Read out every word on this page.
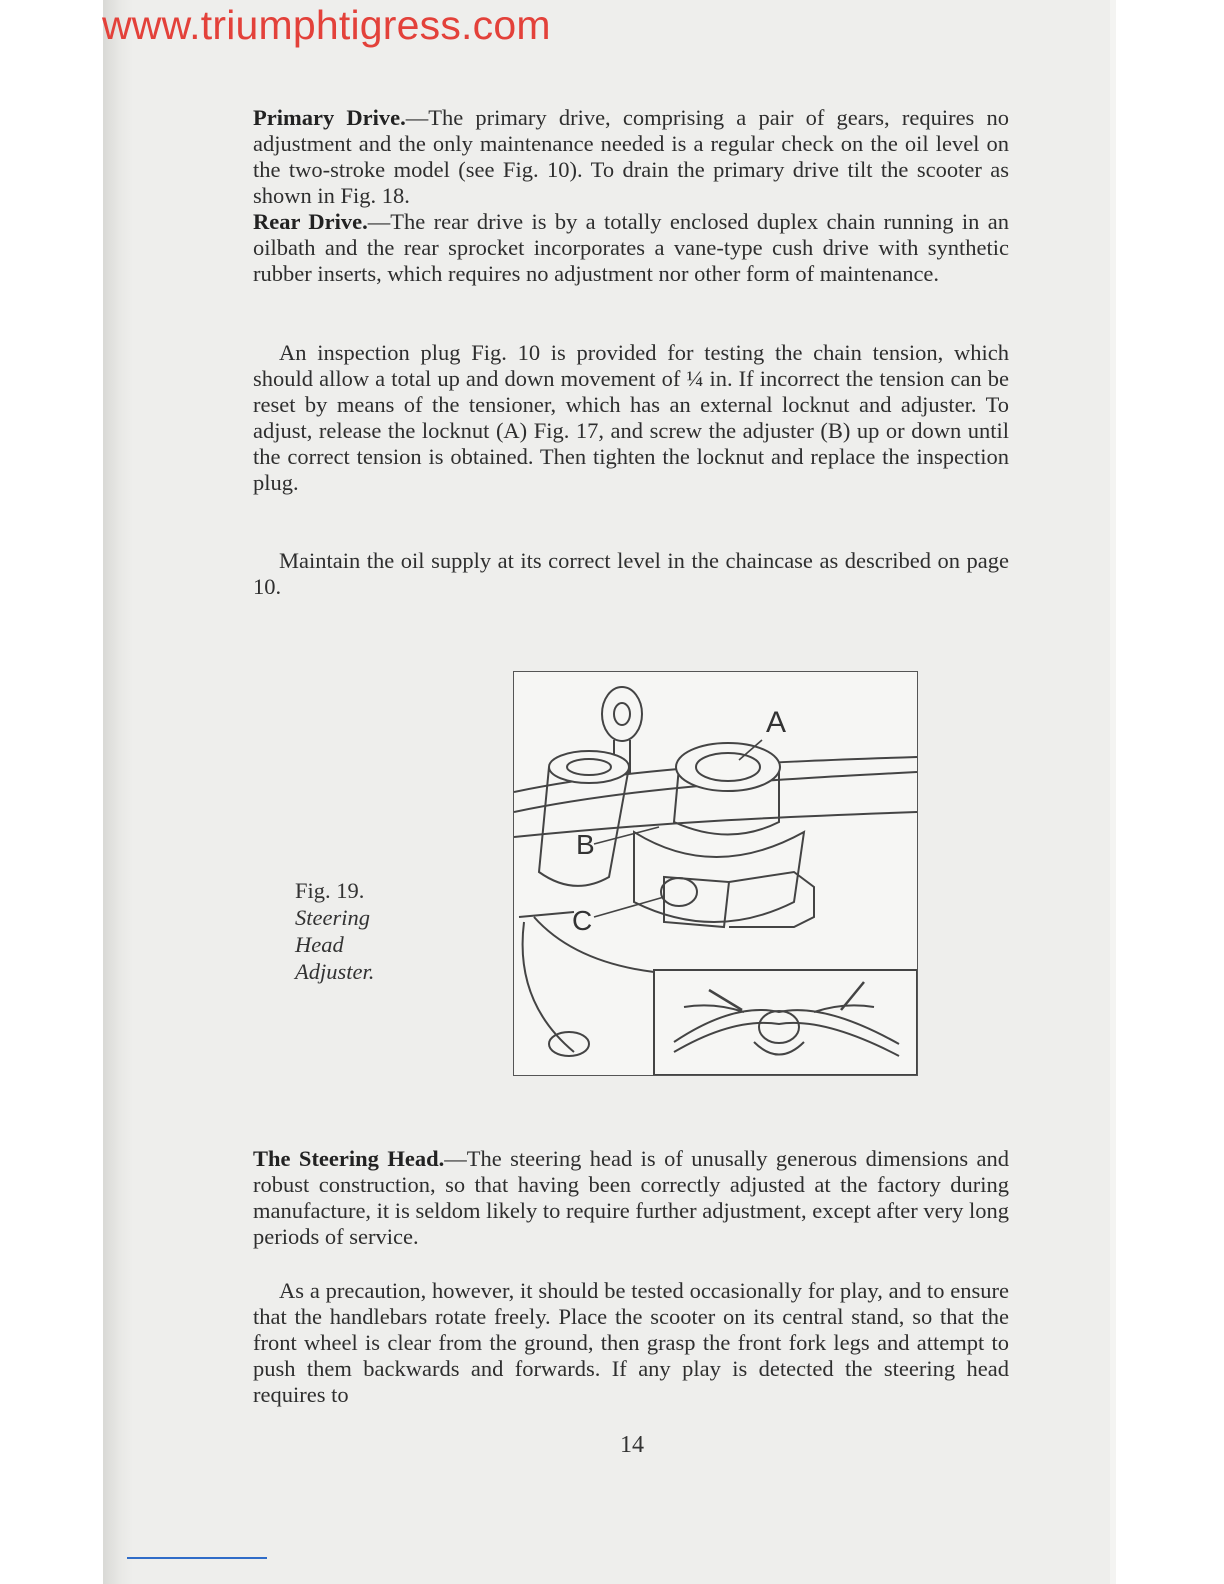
www.triumphtigress.com

Primary Drive.—The primary drive, comprising a pair of gears, requires no adjustment and the only maintenance needed is a regular check on the oil level on the two-stroke model (see Fig. 10). To drain the primary drive tilt the scooter as shown in Fig. 18.

Rear Drive.—The rear drive is by a totally enclosed duplex chain running in an oilbath and the rear sprocket incorporates a vane-type cush drive with synthetic rubber inserts, which requires no adjustment nor other form of maintenance.

An inspection plug Fig. 10 is provided for testing the chain tension, which should allow a total up and down movement of ¼ in. If incorrect the tension can be reset by means of the tensioner, which has an external locknut and adjuster. To adjust, release the locknut (A) Fig. 17, and screw the adjuster (B) up or down until the correct tension is obtained. Then tighten the locknut and replace the inspection plug.

Maintain the oil supply at its correct level in the chaincase as described on page 10.

A
B
C
Fig. 19.
Steering
Head
Adjuster.

The Steering Head.—The steering head is of unusally generous dimensions and robust construction, so that having been correctly adjusted at the factory during manufacture, it is seldom likely to require further adjustment, except after very long periods of service.

As a precaution, however, it should be tested occasionally for play, and to ensure that the handlebars rotate freely. Place the scooter on its central stand, so that the front wheel is clear from the ground, then grasp the front fork legs and attempt to push them backwards and forwards. If any play is detected the steering head requires to

14
